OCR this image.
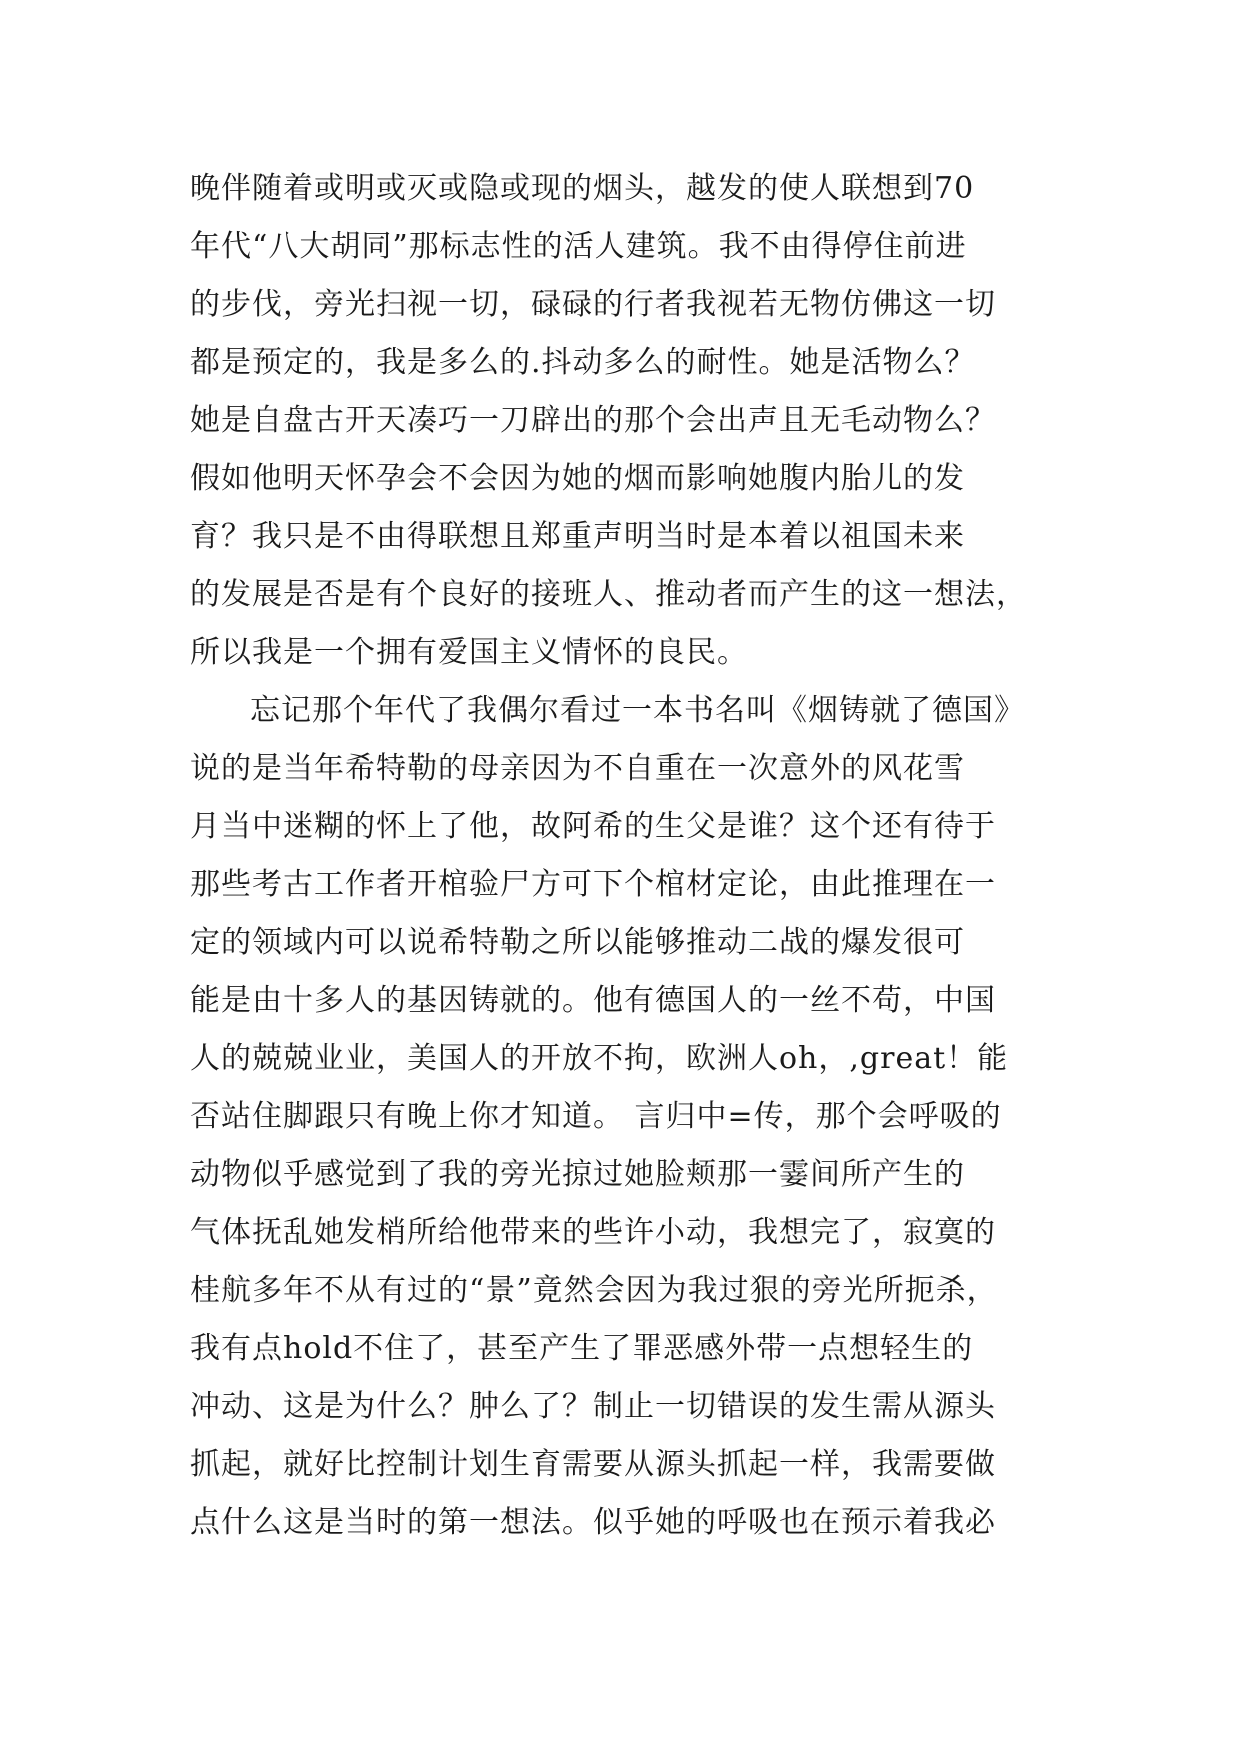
晚伴随着或明或灭或隐或现的烟头，越发的使人联想到70
年代“八大胡同”那标志性的活人建筑。我不由得停住前进
的步伐，旁光扫视一切，碌碌的行者我视若无物仿佛这一切
都是预定的，我是多么的.抖动多么的耐性。她是活物么？
她是自盘古开天凑巧一刀辟出的那个会出声且无毛动物么？
假如他明天怀孕会不会因为她的烟而影响她腹内胎儿的发
育？我只是不由得联想且郑重声明当时是本着以祖国未来
的发展是否是有个良好的接班人、推动者而产生的这一想法，
所以我是一个拥有爱国主义情怀的良民。
忘记那个年代了我偶尔看过一本书名叫《烟铸就了德国》
说的是当年希特勒的母亲因为不自重在一次意外的风花雪
月当中迷糊的怀上了他，故阿希的生父是谁？这个还有待于
那些考古工作者开棺验尸方可下个棺材定论，由此推理在一
定的领域内可以说希特勒之所以能够推动二战的爆发很可
能是由十多人的基因铸就的。他有德国人的一丝不苟，中国
人的兢兢业业，美国人的开放不拘，欧洲人oh，,great！能
否站住脚跟只有晚上你才知道。 言归中=传，那个会呼吸的
动物似乎感觉到了我的旁光掠过她脸颊那一霎间所产生的
气体抚乱她发梢所给他带来的些许小动，我想完了，寂寞的
桂航多年不从有过的“景”竟然会因为我过狠的旁光所扼杀，
我有点hold不住了，甚至产生了罪恶感外带一点想轻生的
冲动、这是为什么？肿么了？制止一切错误的发生需从源头
抓起，就好比控制计划生育需要从源头抓起一样，我需要做
点什么这是当时的第一想法。似乎她的呼吸也在预示着我必
